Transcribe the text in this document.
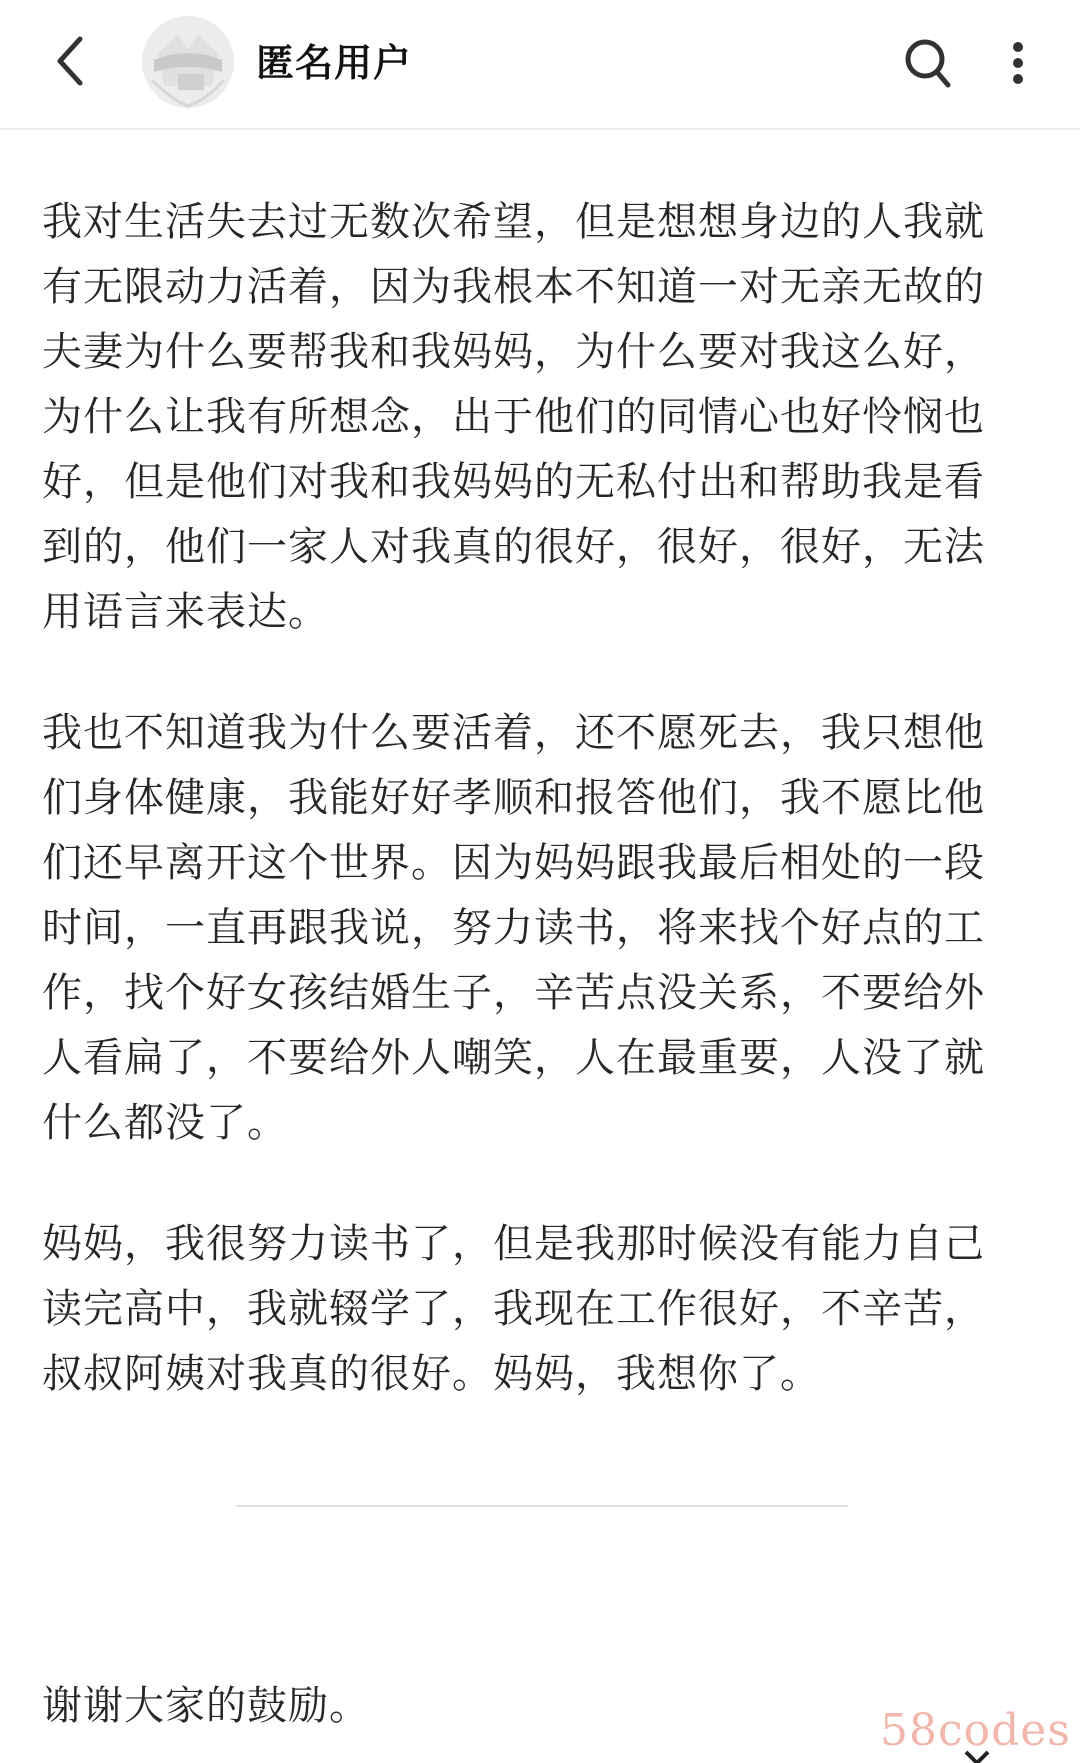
匿名用户

我对生活失去过无数次希望，但是想想身边的人我就有无限动力活着，因为我根本不知道一对无亲无故的夫妻为什么要帮我和我妈妈，为什么要对我这么好，为什么让我有所想念，出于他们的同情心也好怜悯也好，但是他们对我和我妈妈的无私付出和帮助我是看到的，他们一家人对我真的很好，很好，很好，无法用语言来表达。

我也不知道我为什么要活着，还不愿死去，我只想他们身体健康，我能好好孝顺和报答他们，我不愿比他们还早离开这个世界。因为妈妈跟我最后相处的一段时间，一直再跟我说，努力读书，将来找个好点的工作，找个好女孩结婚生子，辛苦点没关系，不要给外人看扁了，不要给外人嘲笑，人在最重要，人没了就什么都没了。

妈妈，我很努力读书了，但是我那时候没有能力自己读完高中，我就辍学了，我现在工作很好，不辛苦，叔叔阿姨对我真的很好。妈妈，我想你了。

谢谢大家的鼓励。	58codes
